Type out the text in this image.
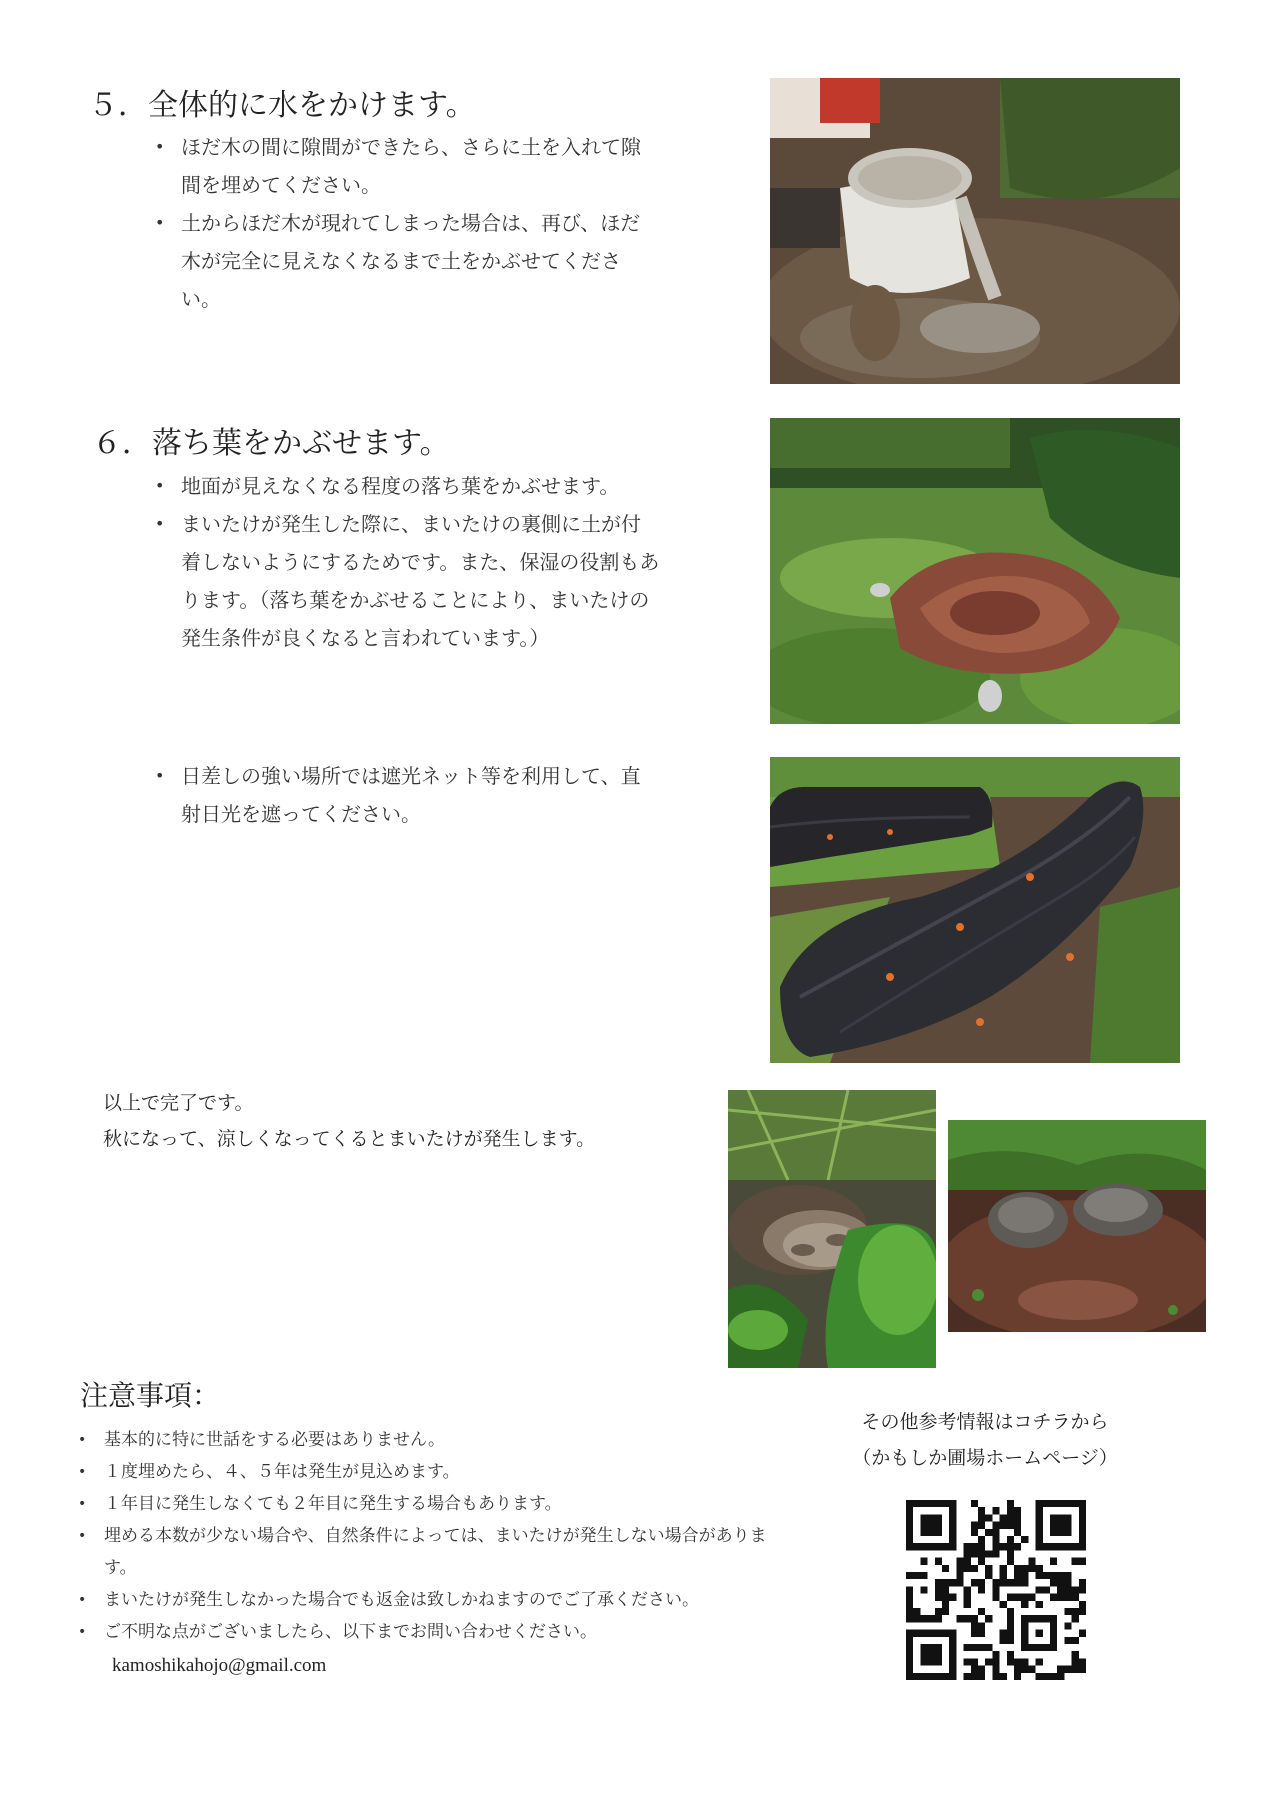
５．全体的に水をかけます。
• ほだ木の間に隙間ができたら、さらに土を入れて隙間を埋めてください。
• 土からほだ木が現れてしまった場合は、再び、ほだ木が完全に見えなくなるまで土をかぶせてください。
６．落ち葉をかぶせます。
• 地面が見えなくなる程度の落ち葉をかぶせます。
• まいたけが発生した際に、まいたけの裏側に土が付着しないようにするためです。また、保湿の役割もあります。（落ち葉をかぶせることにより、まいたけの発生条件が良くなると言われています。）
• 日差しの強い場所では遮光ネット等を利用して、直射日光を遮ってください。
以上で完了です。
秋になって、涼しくなってくるとまいたけが発生します。
注意事項：
• 基本的に特に世話をする必要はありません。
• １度埋めたら、４、５年は発生が見込めます。
• １年目に発生しなくても２年目に発生する場合もあります。
• 埋める本数が少ない場合や、自然条件によっては、まいたけが発生しない場合があります。
• まいたけが発生しなかった場合でも返金は致しかねますのでご了承ください。
• ご不明な点がございましたら、以下までお問い合わせください。
kamoshikahojo@gmail.com
その他参考情報はコチラから
（かもしか圃場ホームページ）
